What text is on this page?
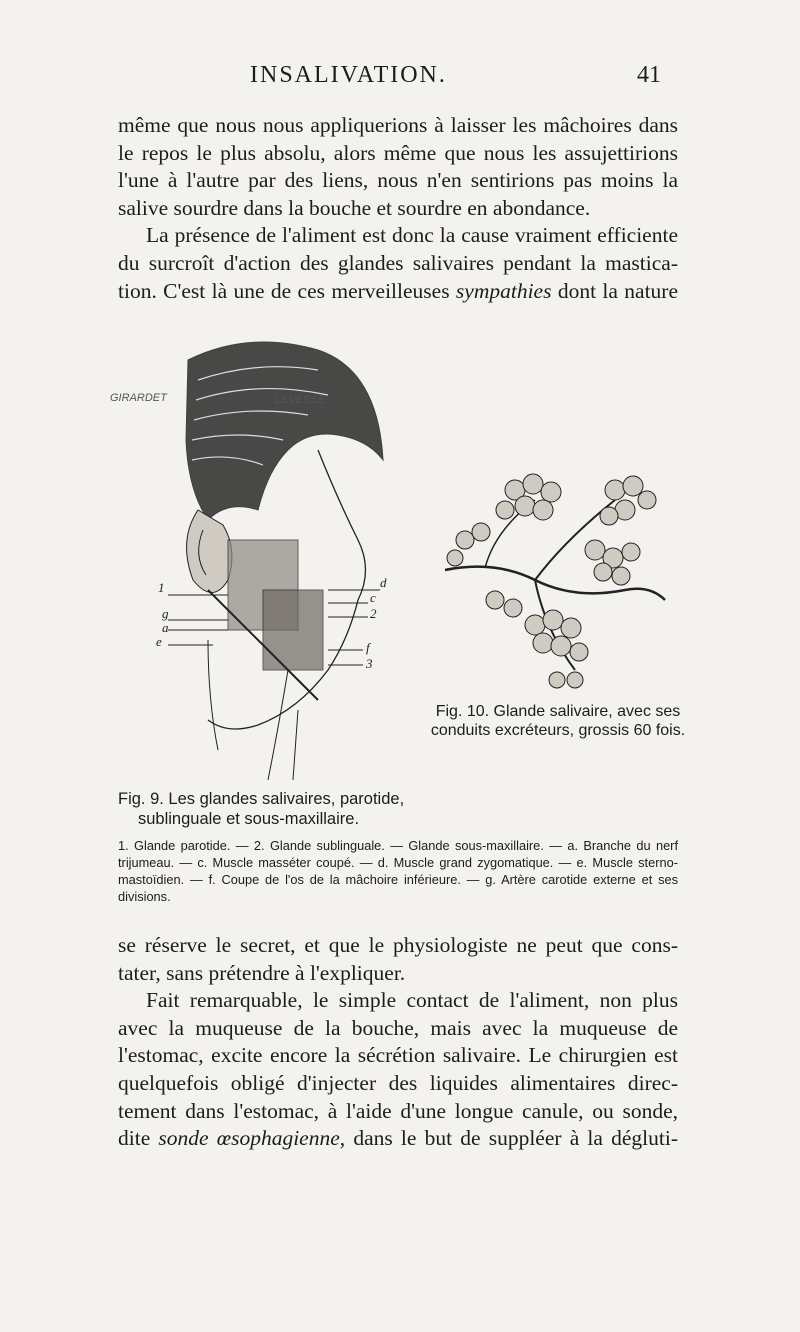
INSALIVATION.	41
même que nous nous appliquerions à laisser les mâchoires dans
le repos le plus absolu, alors même que nous les assujettirions
l'une à l'autre par des liens, nous n'en sentirions pas moins la
salive sourdre dans la bouche et sourdre en abondance.
La présence de l'aliment est donc la cause vraiment efficiente
du surcroît d'action des glandes salivaires pendant la mastica-
tion. C'est là une de ces merveilleuses sympathies dont la nature
1
g
a
e
d
c
2
f
3
GIRARDET	LEVEILLE
Fig. 10. Glande salivaire, avec ses
conduits excréteurs, grossis 60 fois.
Fig. 9. Les glandes salivaires, parotide,
sublinguale et sous-maxillaire.
1. Glande parotide. — 2. Glande sublinguale. — Glande sous-maxillaire. — a. Branche du nerf
trijumeau. — c. Muscle masséter coupé. — d. Muscle grand zygomatique. — e. Muscle sterno-
mastoïdien. — f. Coupe de l'os de la mâchoire inférieure. — g. Artère carotide externe et ses
divisions.
se réserve le secret, et que le physiologiste ne peut que cons-
tater, sans prétendre à l'expliquer.
Fait remarquable, le simple contact de l'aliment, non plus
avec la muqueuse de la bouche, mais avec la muqueuse de
l'estomac, excite encore la sécrétion salivaire. Le chirurgien est
quelquefois obligé d'injecter des liquides alimentaires direc-
tement dans l'estomac, à l'aide d'une longue canule, ou sonde,
dite sonde œsophagienne, dans le but de suppléer à la dégluti-
